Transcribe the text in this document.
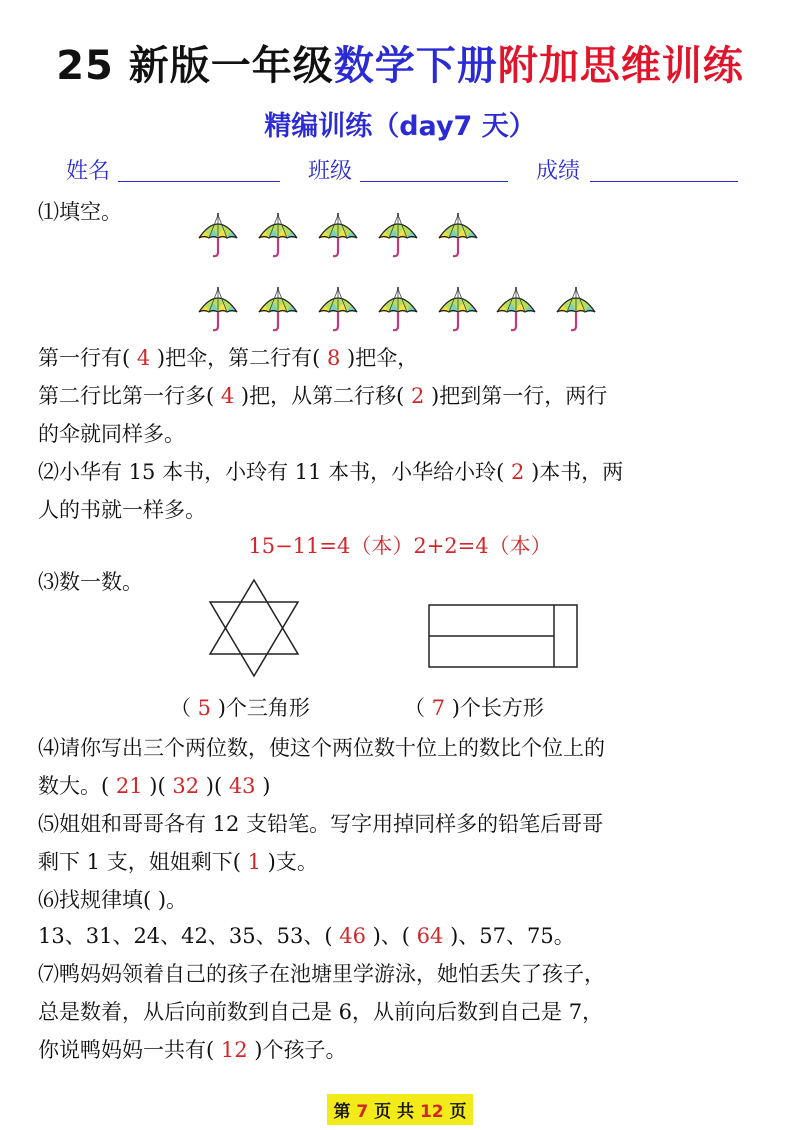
25 新版一年级数学下册附加思维训练
精编训练（day7 天）
姓名	班级	成绩
⑴填空。
第一行有( 4 )把伞，第二行有( 8 )把伞，
第二行比第一行多( 4 )把，从第二行移( 2 )把到第一行，两行
的伞就同样多。
⑵小华有 15 本书，小玲有 11 本书，小华给小玲( 2 )本书，两
人的书就一样多。
15−11=4（本）2+2=4（本）
⑶数一数。
（ 5 )个三角形	（ 7 )个长方形
⑷请你写出三个两位数，使这个两位数十位上的数比个位上的
数大。( 21 )( 32 )( 43 )
⑸姐姐和哥哥各有 12 支铅笔。写字用掉同样多的铅笔后哥哥
剩下 1 支，姐姐剩下( 1 )支。
⑹找规律填( )。
13、31、24、42、35、53、( 46 )、( 64 )、57、75。
⑺鸭妈妈领着自己的孩子在池塘里学游泳，她怕丢失了孩子，
总是数着，从后向前数到自己是 6，从前向后数到自己是 7，
你说鸭妈妈一共有( 12 )个孩子。
第 7 页 共 12 页
